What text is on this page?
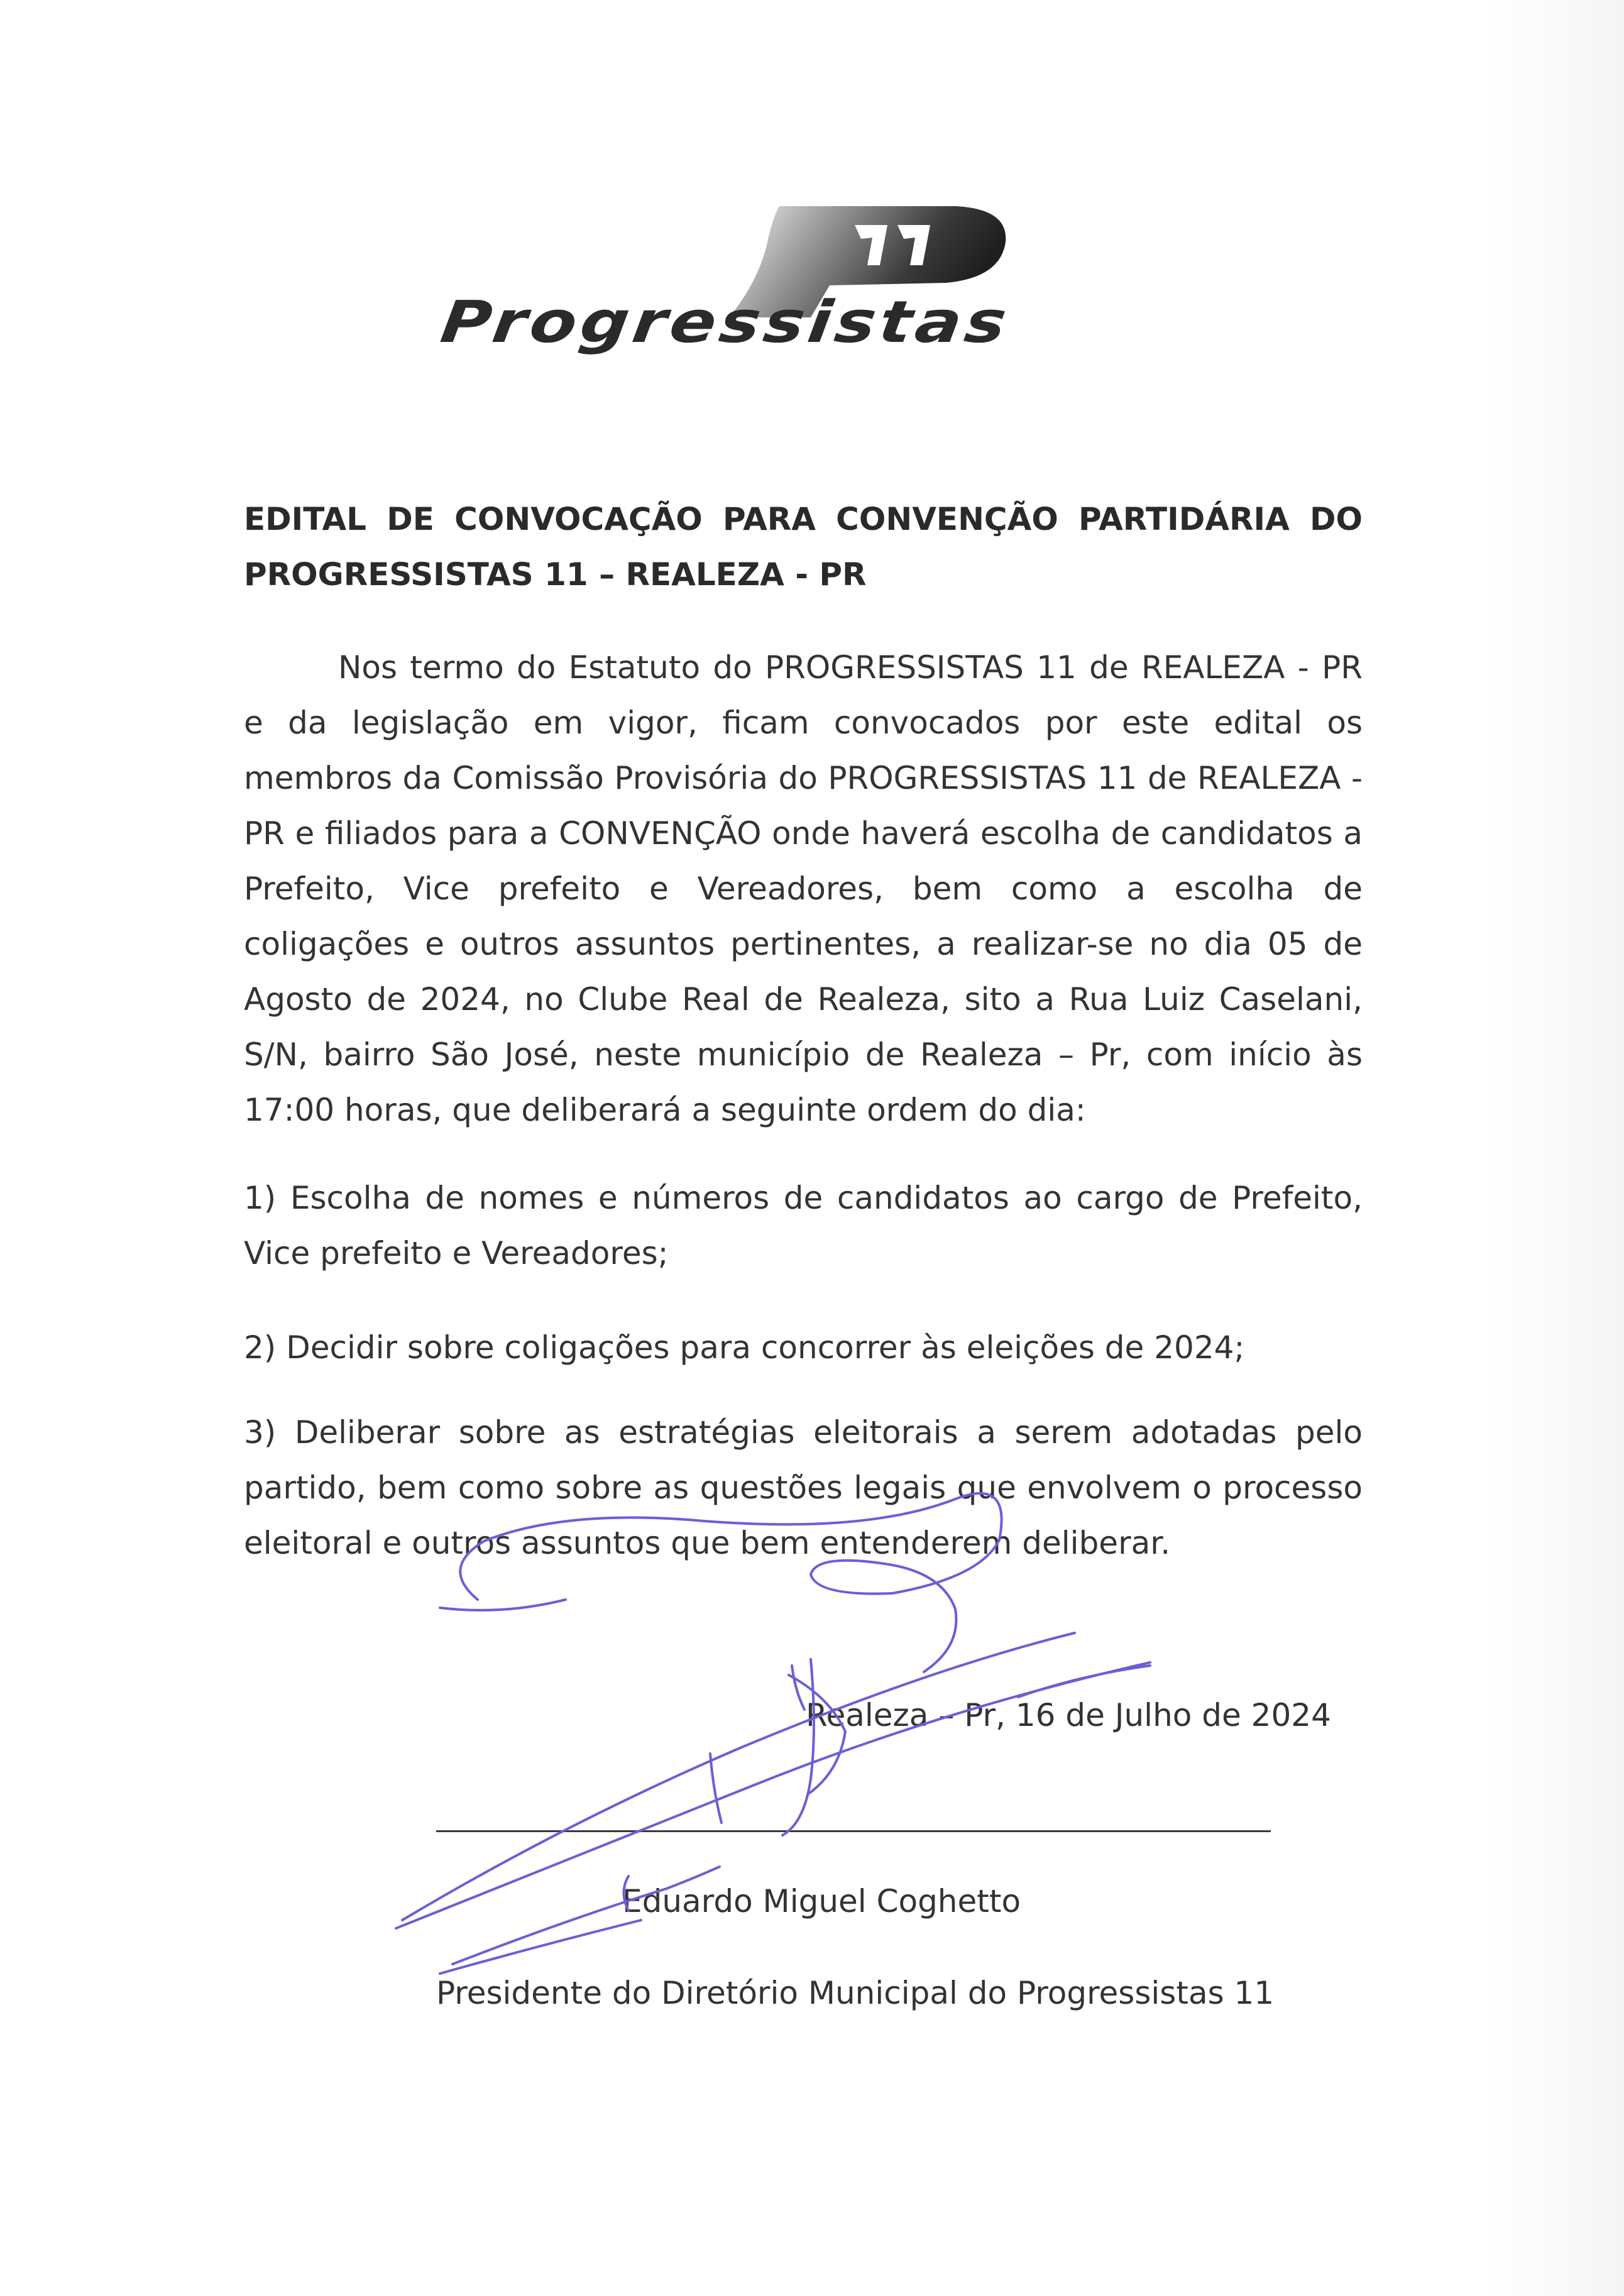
Progressistas
EDITAL DE CONVOCAÇÃO PARA CONVENÇÃO PARTIDÁRIA DO
PROGRESSISTAS 11 – REALEZA - PR

Nos termo do Estatuto do PROGRESSISTAS 11 de REALEZA - PR e da legislação em vigor, ficam convocados por este edital os membros da Comissão Provisória do PROGRESSISTAS 11 de REALEZA - PR e filiados para a CONVENÇÃO onde haverá escolha de candidatos a Prefeito, Vice prefeito e Vereadores, bem como a escolha de coligações e outros assuntos pertinentes, a realizar-se no dia 05 de Agosto de 2024, no Clube Real de Realeza, sito a Rua Luiz Caselani, S/N, bairro São José, neste município de Realeza – Pr, com início às 17:00 horas, que deliberará a seguinte ordem do dia:

1) Escolha de nomes e números de candidatos ao cargo de Prefeito, Vice prefeito e Vereadores;

2) Decidir sobre coligações para concorrer às eleições de 2024;

3) Deliberar sobre as estratégias eleitorais a serem adotadas pelo partido, bem como sobre as questões legais que envolvem o processo eleitoral e outros assuntos que bem entenderem deliberar.

Realeza – Pr, 16 de Julho de 2024
Eduardo Miguel Coghetto
Presidente do Diretório Municipal do Progressistas 11
